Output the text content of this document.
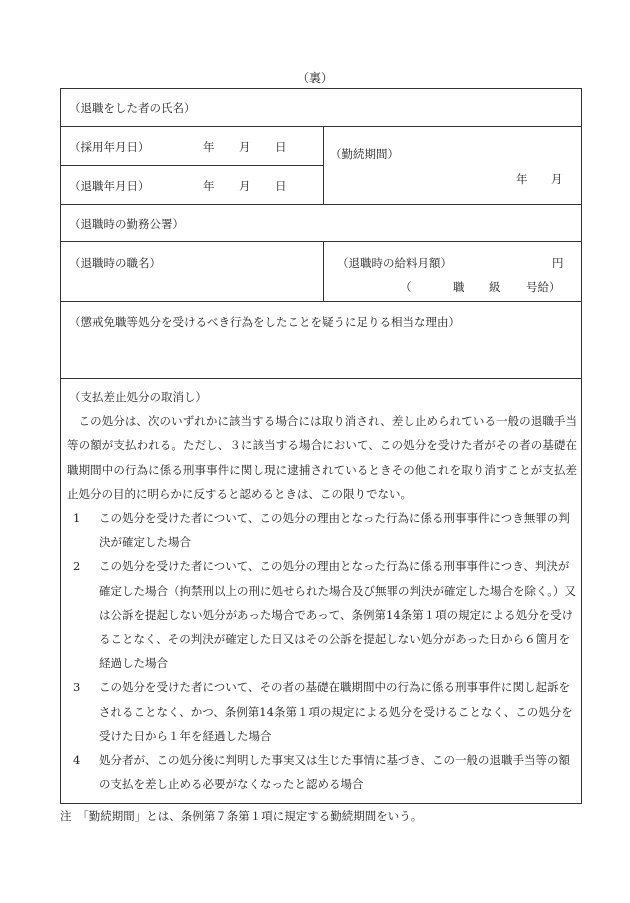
（裏）
（退職をした者の氏名）
（採用年月日）	年 月 日
（退職年月日）	年 月 日
（勤続期間）
年 月
（退職時の勤務公署）
（退職時の職名）	（退職時の給料月額）	円
（	職 級 号給）
（懲戒免職等処分を受けるべき行為をしたことを疑うに足りる相当な理由）

（支払差止処分の取消し）

この処分は、次のいずれかに該当する場合には取り消され、差し止められている一般の退職手当等の額が支払われる。ただし、３に該当する場合において、この処分を受けた者がその者の基礎在職期間中の行為に係る刑事事件に関し現に逮捕されているときその他これを取り消すことが支払差止処分の目的に明らかに反すると認めるときは、この限りでない。

1	この処分を受けた者について、この処分の理由となった行為に係る刑事事件につき無罪の判決が確定した場合
2	この処分を受けた者について、この処分の理由となった行為に係る刑事事件につき、判決が確定した場合（拘禁刑以上の刑に処せられた場合及び無罪の判決が確定した場合を除く。）又は公訴を提起しない処分があった場合であって、条例第14条第１項の規定による処分を受けることなく、その判決が確定した日又はその公訴を提起しない処分があった日から６箇月を経過した場合
3	この処分を受けた者について、その者の基礎在職期間中の行為に係る刑事事件に関し起訴をされることなく、かつ、条例第14条第１項の規定による処分を受けることなく、この処分を受けた日から１年を経過した場合
4	処分者が、この処分後に判明した事実又は生じた事情に基づき、この一般の退職手当等の額の支払を差し止める必要がなくなったと認める場合
注　「勤続期間」とは、条例第７条第１項に規定する勤続期間をいう。
